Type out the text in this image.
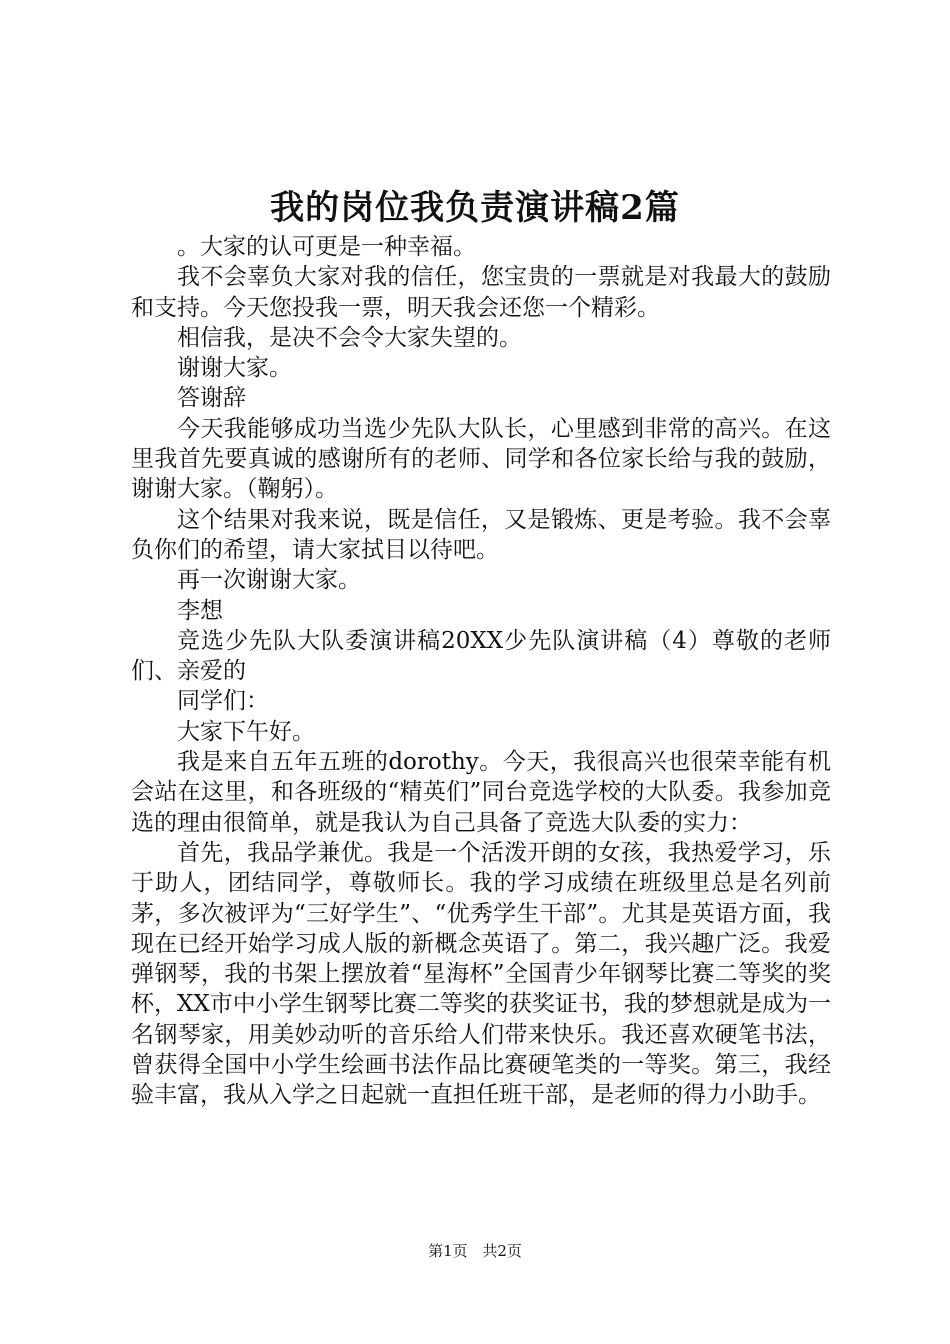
我的岗位我负责演讲稿2篇

。大家的认可更是一种幸福。

我不会辜负大家对我的信任，您宝贵的一票就是对我最大的鼓励和支持。今天您投我一票，明天我会还您一个精彩。

相信我，是决不会令大家失望的。

谢谢大家。

答谢辞

今天我能够成功当选少先队大队长，心里感到非常的高兴。在这里我首先要真诚的感谢所有的老师、同学和各位家长给与我的鼓励，谢谢大家。（鞠躬）。

这个结果对我来说，既是信任，又是锻炼、更是考验。我不会辜负你们的希望，请大家拭目以待吧。

再一次谢谢大家。

李想

竞选少先队大队委演讲稿20XX少先队演讲稿（4）尊敬的老师们、亲爱的

同学们：

大家下午好。

我是来自五年五班的dorothy。今天，我很高兴也很荣幸能有机会站在这里，和各班级的“精英们”同台竞选学校的大队委。我参加竞选的理由很简单，就是我认为自己具备了竞选大队委的实力：

首先，我品学兼优。我是一个活泼开朗的女孩，我热爱学习，乐于助人，团结同学，尊敬师长。我的学习成绩在班级里总是名列前茅，多次被评为“三好学生”、“优秀学生干部”。尤其是英语方面，我现在已经开始学习成人版的新概念英语了。第二，我兴趣广泛。我爱弹钢琴，我的书架上摆放着“星海杯”全国青少年钢琴比赛二等奖的奖杯，XX市中小学生钢琴比赛二等奖的获奖证书，我的梦想就是成为一名钢琴家，用美妙动听的音乐给人们带来快乐。我还喜欢硬笔书法，曾获得全国中小学生绘画书法作品比赛硬笔类的一等奖。第三，我经验丰富，我从入学之日起就一直担任班干部，是老师的得力小助手。

第1页 共2页
